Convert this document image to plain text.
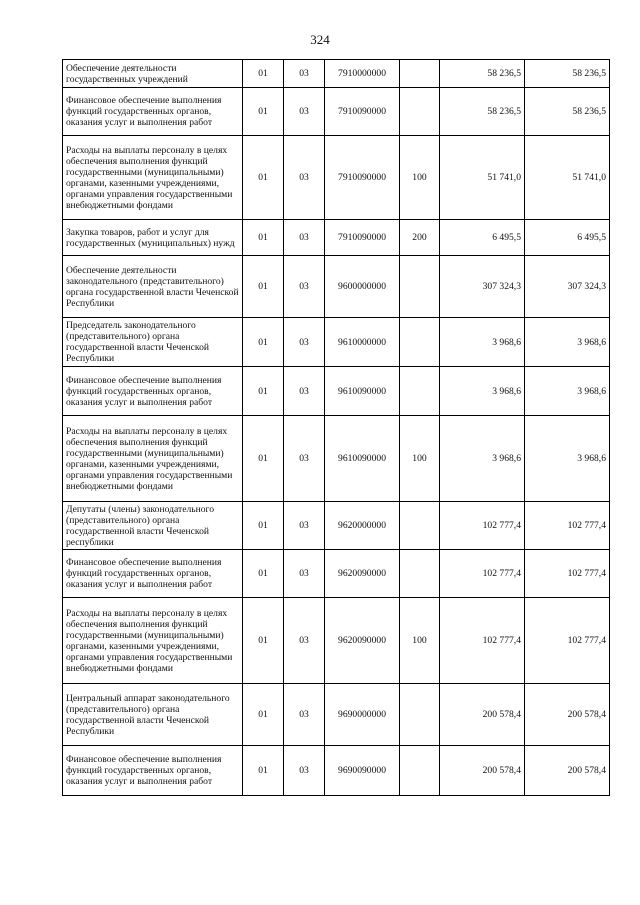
324
Обеспечение деятельности государственных учреждений	01	03	7910000000		58 236,5	58 236,5
Финансовое обеспечение выполнения функций государственных органов, оказания услуг и выполнения работ	01	03	7910090000		58 236,5	58 236,5
Расходы на выплаты персоналу в целях обеспечения выполнения функций государственными (муниципальными) органами, казенными учреждениями, органами управления государственными внебюджетными фондами	01	03	7910090000	100	51 741,0	51 741,0
Закупка товаров, работ и услуг для государственных (муниципальных) нужд	01	03	7910090000	200	6 495,5	6 495,5
Обеспечение деятельности законодательного (представительного) органа государственной власти Чеченской Республики	01	03	9600000000		307 324,3	307 324,3
Председатель законодательного (представительного) органа государственной власти Чеченской Республики	01	03	9610000000		3 968,6	3 968,6
Финансовое обеспечение выполнения функций государственных органов, оказания услуг и выполнения работ	01	03	9610090000		3 968,6	3 968,6
Расходы на выплаты персоналу в целях обеспечения выполнения функций государственными (муниципальными) органами, казенными учреждениями, органами управления государственными внебюджетными фондами	01	03	9610090000	100	3 968,6	3 968,6
Депутаты (члены) законодательного (представительного) органа государственной власти Чеченской республики	01	03	9620000000		102 777,4	102 777,4
Финансовое обеспечение выполнения функций государственных органов, оказания услуг и выполнения работ	01	03	9620090000		102 777,4	102 777,4
Расходы на выплаты персоналу в целях обеспечения выполнения функций государственными (муниципальными) органами, казенными учреждениями, органами управления государственными внебюджетными фондами	01	03	9620090000	100	102 777,4	102 777,4
Центральный аппарат законодательного (представительного) органа государственной власти Чеченской Республики	01	03	9690000000		200 578,4	200 578,4
Финансовое обеспечение выполнения функций государственных органов, оказания услуг и выполнения работ	01	03	9690090000		200 578,4	200 578,4
